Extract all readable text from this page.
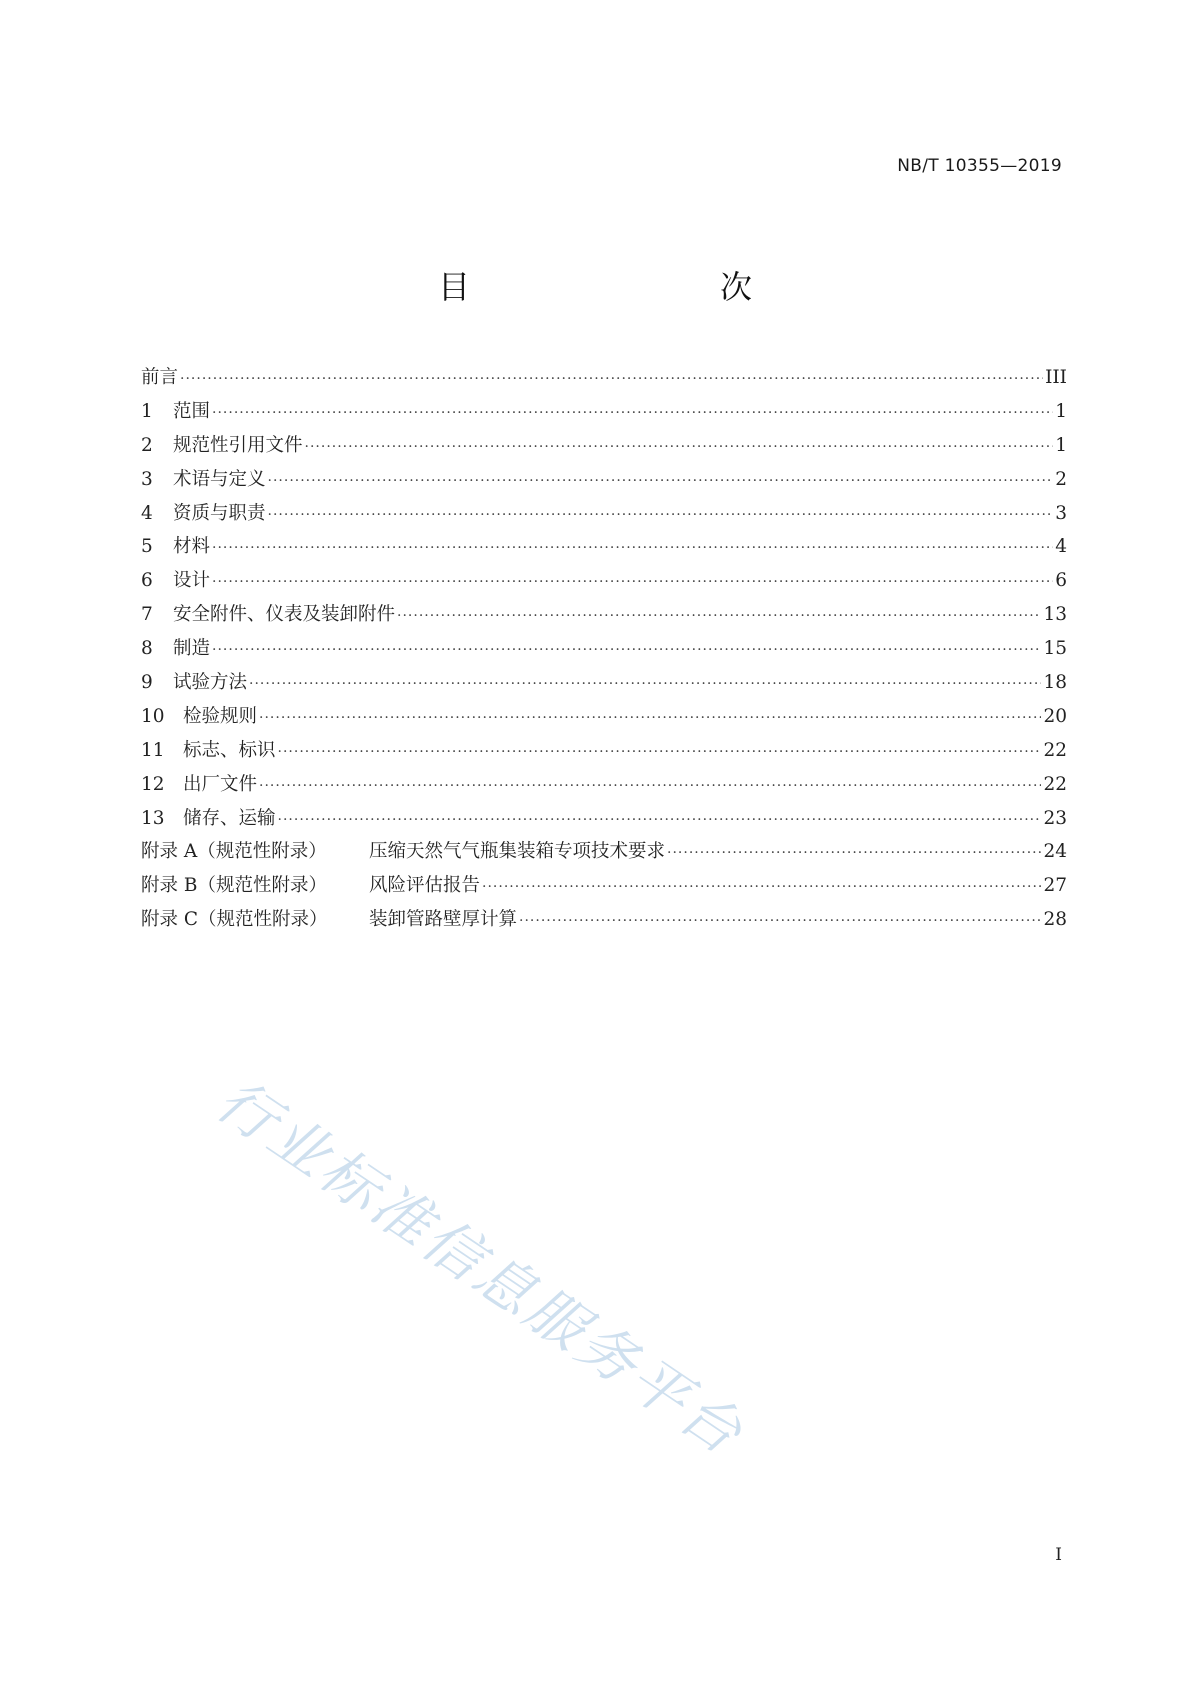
NB/T 10355—2019
目　　次
前言 ·····	III
1	范围 ·····	1
2	规范性引用文件 ·····	1
3	术语与定义 ·····	2
4	资质与职责 ·····	3
5	材料 ·····	4
6	设计 ·····	6
7	安全附件、仪表及装卸附件 ·····	13
8	制造 ·····	15
9	试验方法 ·····	18
10 检验规则 ·····	20
11 标志、标识 ·····	22
12 出厂文件 ·····	22
13 储存、运输 ·····	23
附录 A（规范性附录）	压缩天然气气瓶集装箱专项技术要求 ·····	24
附录 B（规范性附录）	风险评估报告 ·····	27
附录 C（规范性附录）	装卸管路壁厚计算 ·····	28
行业标准信息服务平台
I
